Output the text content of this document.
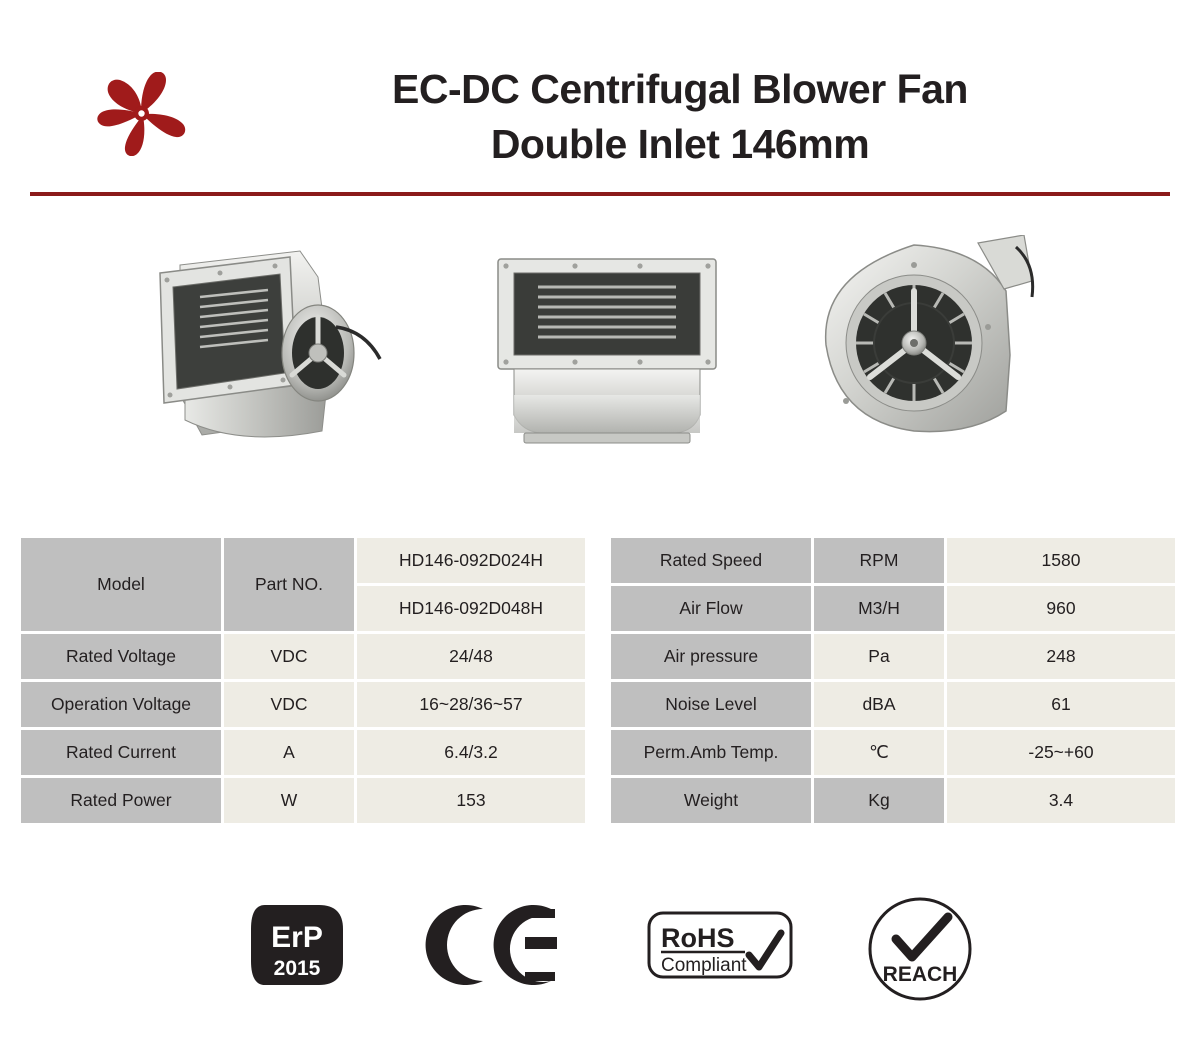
EC-DC Centrifugal Blower Fan
Double Inlet 146mm
Model	Part NO.	HD146-092D024H
		HD146-092D048H
Rated Voltage	VDC	24/48
Operation Voltage	VDC	16~28/36~57
Rated Current	A	6.4/3.2
Rated Power	W	153
Rated Speed	RPM	1580
Air Flow	M3/H	960
Air pressure	Pa	248
Noise Level	dBA	61
Perm.Amb Temp.	℃	-25~+60
Weight	Kg	3.4
ErP
2015
RoHS
Compliant	REACH
